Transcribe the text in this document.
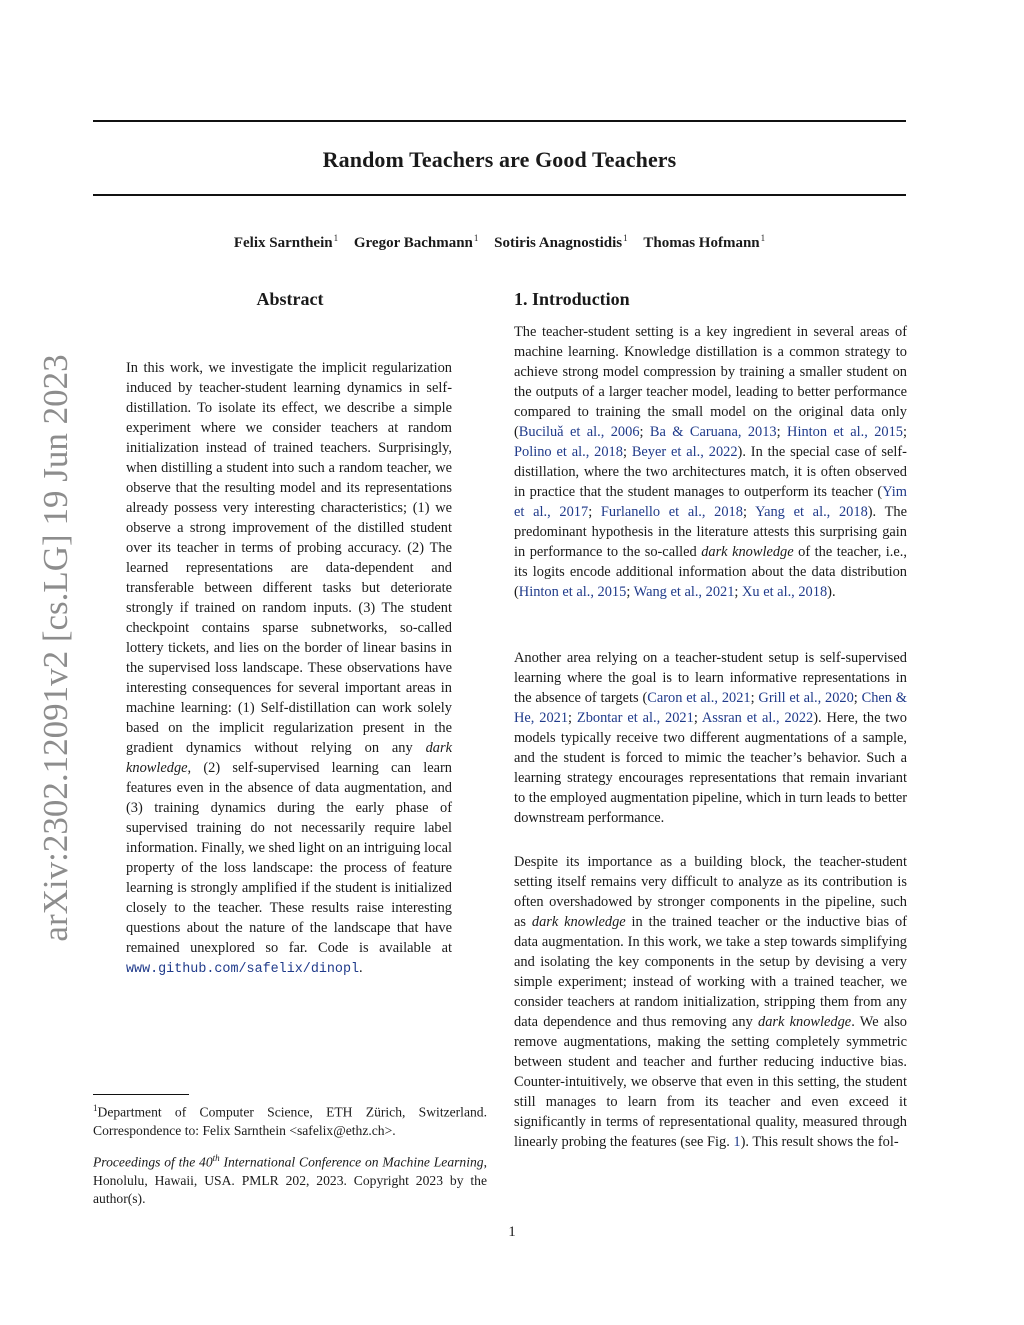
Random Teachers are Good Teachers
Felix Sarnthein$^1$ Gregor Bachmann$^1$ Sotiris Anagnostidis$^1$ Thomas Hofmann$^1$
arXiv:2302.12091v2 [cs.LG] 19 Jun 2023
Abstract
In this work, we investigate the implicit regularization induced by teacher-student learning dynamics in self-distillation. To isolate its effect, we describe a simple experiment where we consider teachers at random initialization instead of trained teachers. Surprisingly, when distilling a student into such a random teacher, we observe that the resulting model and its representations already possess very interesting characteristics; (1) we observe a strong improvement of the distilled student over its teacher in terms of probing accuracy. (2) The learned representations are data-dependent and transferable between different tasks but deteriorate strongly if trained on random inputs. (3) The student checkpoint contains sparse subnetworks, so-called lottery tickets, and lies on the border of linear basins in the supervised loss landscape. These observations have interesting consequences for several important areas in machine learning: (1) Self-distillation can work solely based on the implicit regularization present in the gradient dynamics without relying on any dark knowledge, (2) self-supervised learning can learn features even in the absence of data augmentation, and (3) training dynamics during the early phase of supervised training do not necessarily require label information. Finally, we shed light on an intriguing local property of the loss landscape: the process of feature learning is strongly amplified if the student is initialized closely to the teacher. These results raise interesting questions about the nature of the landscape that have remained unexplored so far. Code is available at www.github.com/safelix/dinopl.
$^1$Department of Computer Science, ETH Zürich, Switzerland. Correspondence to: Felix Sarnthein <safelix@ethz.ch>.
Proceedings of the 40th International Conference on Machine Learning, Honolulu, Hawaii, USA. PMLR 202, 2023. Copyright 2023 by the author(s).
1. Introduction
The teacher-student setting is a key ingredient in several areas of machine learning. Knowledge distillation is a common strategy to achieve strong model compression by training a smaller student on the outputs of a larger teacher model, leading to better performance compared to training the small model on the original data only (Buciluǎ et al., 2006; Ba & Caruana, 2013; Hinton et al., 2015; Polino et al., 2018; Beyer et al., 2022). In the special case of self-distillation, where the two architectures match, it is often observed in practice that the student manages to outperform its teacher (Yim et al., 2017; Furlanello et al., 2018; Yang et al., 2018). The predominant hypothesis in the literature attests this surprising gain in performance to the so-called dark knowledge of the teacher, i.e., its logits encode additional information about the data distribution (Hinton et al., 2015; Wang et al., 2021; Xu et al., 2018).
Another area relying on a teacher-student setup is self-supervised learning where the goal is to learn informative representations in the absence of targets (Caron et al., 2021; Grill et al., 2020; Chen & He, 2021; Zbontar et al., 2021; Assran et al., 2022). Here, the two models typically receive two different augmentations of a sample, and the student is forced to mimic the teacher’s behavior. Such a learning strategy encourages representations that remain invariant to the employed augmentation pipeline, which in turn leads to better downstream performance.
Despite its importance as a building block, the teacher-student setting itself remains very difficult to analyze as its contribution is often overshadowed by stronger components in the pipeline, such as dark knowledge in the trained teacher or the inductive bias of data augmentation. In this work, we take a step towards simplifying and isolating the key components in the setup by devising a very simple experiment; instead of working with a trained teacher, we consider teachers at random initialization, stripping them from any data dependence and thus removing any dark knowledge. We also remove augmentations, making the setting completely symmetric between student and teacher and further reducing inductive bias. Counter-intuitively, we observe that even in this setting, the student still manages to learn from its teacher and even exceed it significantly in terms of representational quality, measured through linearly probing the features (see Fig. 1). This result shows the fol-
1
